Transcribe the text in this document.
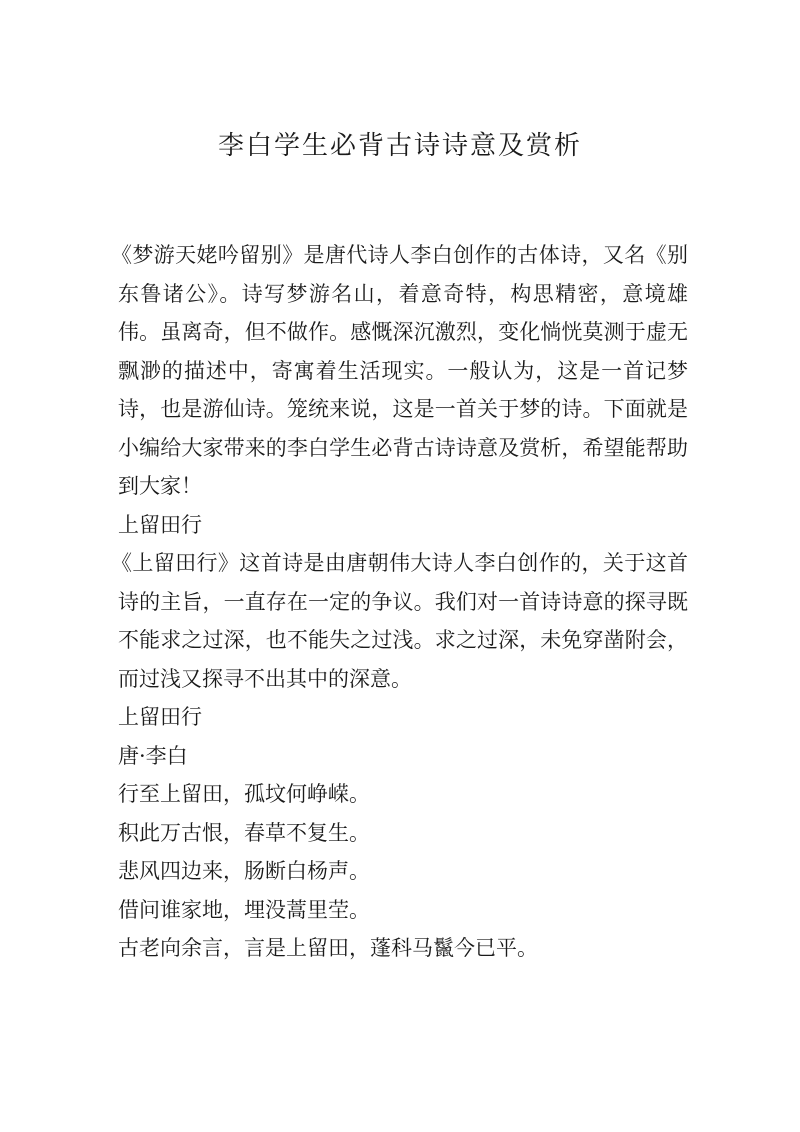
李白学生必背古诗诗意及赏析

《梦游天姥吟留别》是唐代诗人李白创作的古体诗，又名《别东鲁诸公》。诗写梦游名山，着意奇特，构思精密，意境雄伟。虽离奇，但不做作。感慨深沉激烈，变化惝恍莫测于虚无飘渺的描述中，寄寓着生活现实。一般认为，这是一首记梦诗，也是游仙诗。笼统来说，这是一首关于梦的诗。下面就是小编给大家带来的李白学生必背古诗诗意及赏析，希望能帮助到大家！

上留田行

《上留田行》这首诗是由唐朝伟大诗人李白创作的，关于这首诗的主旨，一直存在一定的争议。我们对一首诗诗意的探寻既不能求之过深，也不能失之过浅。求之过深，未免穿凿附会，而过浅又探寻不出其中的深意。

上留田行

唐·李白

行至上留田，孤坟何峥嵘。

积此万古恨，春草不复生。

悲风四边来，肠断白杨声。

借问谁家地，埋没蒿里茔。

古老向余言，言是上留田，蓬科马鬣今已平。
